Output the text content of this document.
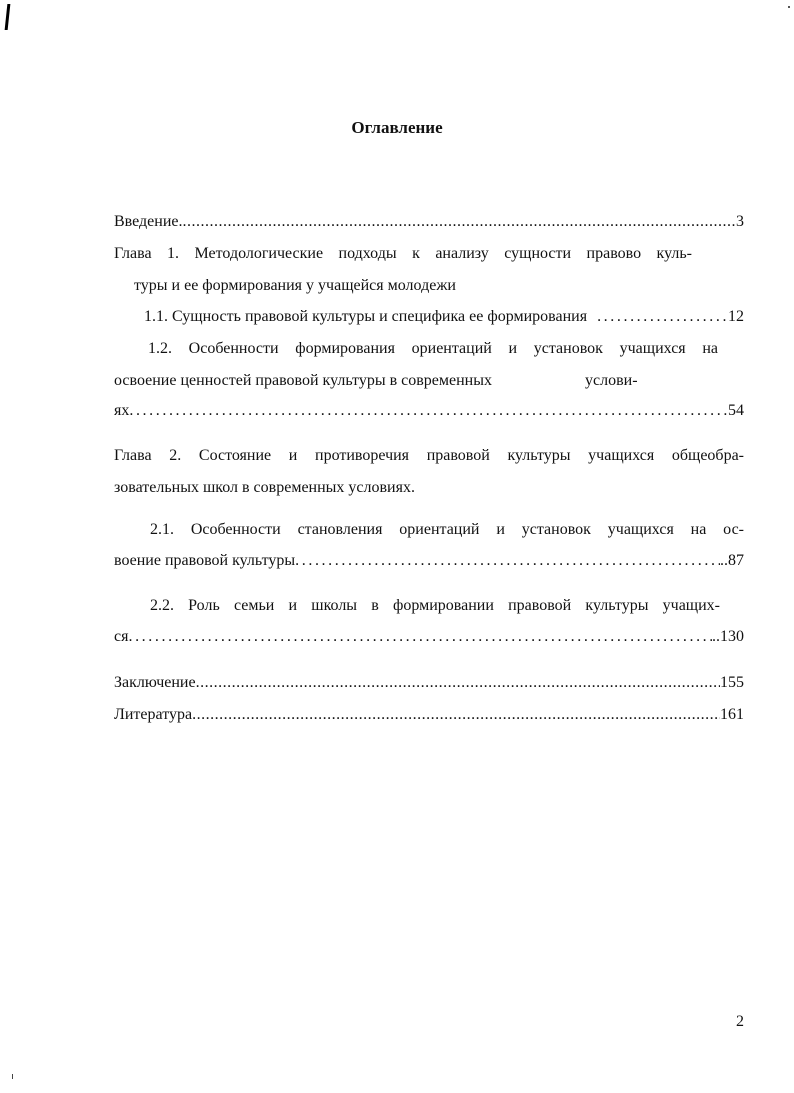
Оглавление
Введение. .....	3
Глава 1. Методологические подходы к анализу сущности правово куль-
туры и ее формирования у учащейся молодежи
1.1. Сущность правовой культуры и специфика ее формирования .....	12
1.2. Особенности формирования ориентаций и установок учащихся на
освоение ценностей правовой культуры в современных	услови-
ях .....	54
Глава 2. Состояние и противоречия правовой культуры учащихся общеобра-
зовательных школ в современных условиях.
2.1. Особенности становления ориентаций и установок учащихся на ос-
воение правовой культуры .....	..87
2.2. Роль семьи и школы в формировании правовой культуры учащих-
ся .....	..130
Заключение .....	155
Литература .....	161
2
